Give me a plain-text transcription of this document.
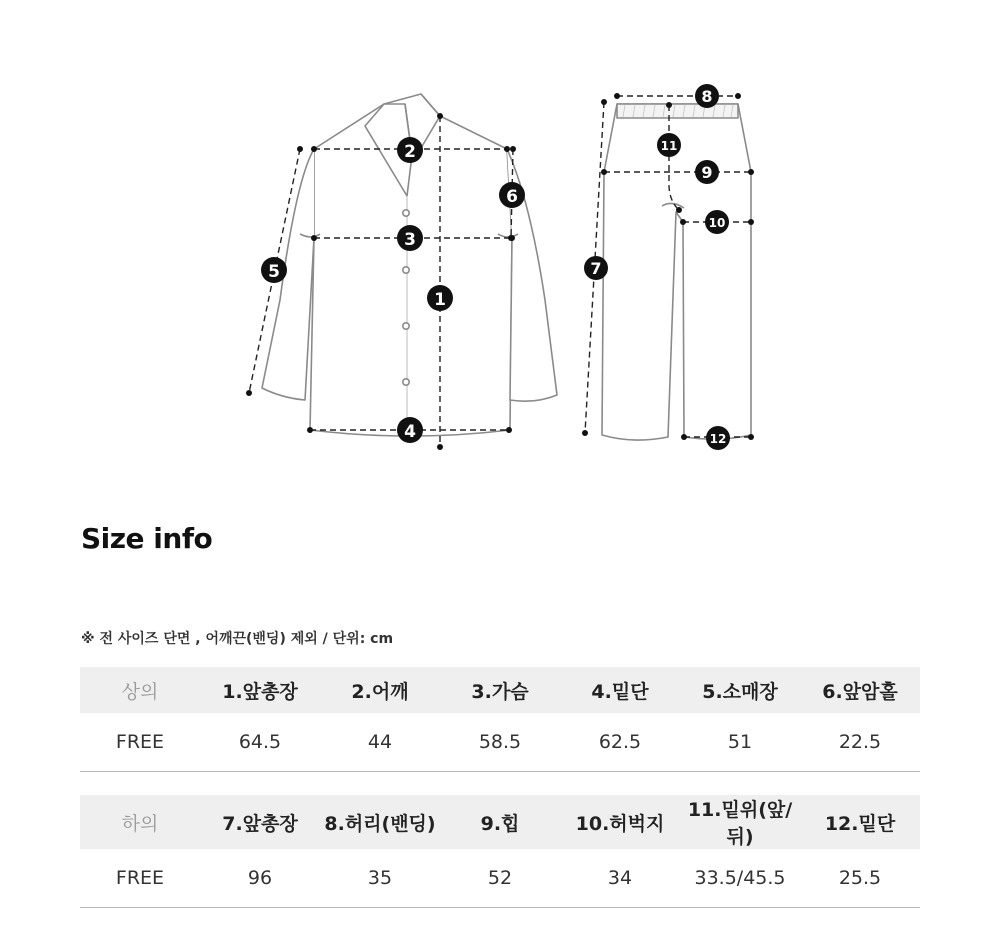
1
2
3
4
5
6
7
8
9
10
11
12
Size info
※ 전 사이즈 단면 , 어깨끈(밴딩) 제외 / 단위: cm
상의	1.앞총장	2.어깨	3.가슴	4.밑단	5.소매장	6.앞암홀
FREE	64.5	44	58.5	62.5	51	22.5
하의	7.앞총장	8.허리(밴딩)	9.힙	10.허벅지	11.밑위(앞/뒤)	12.밑단
FREE	96	35	52	34	33.5/45.5	25.5
